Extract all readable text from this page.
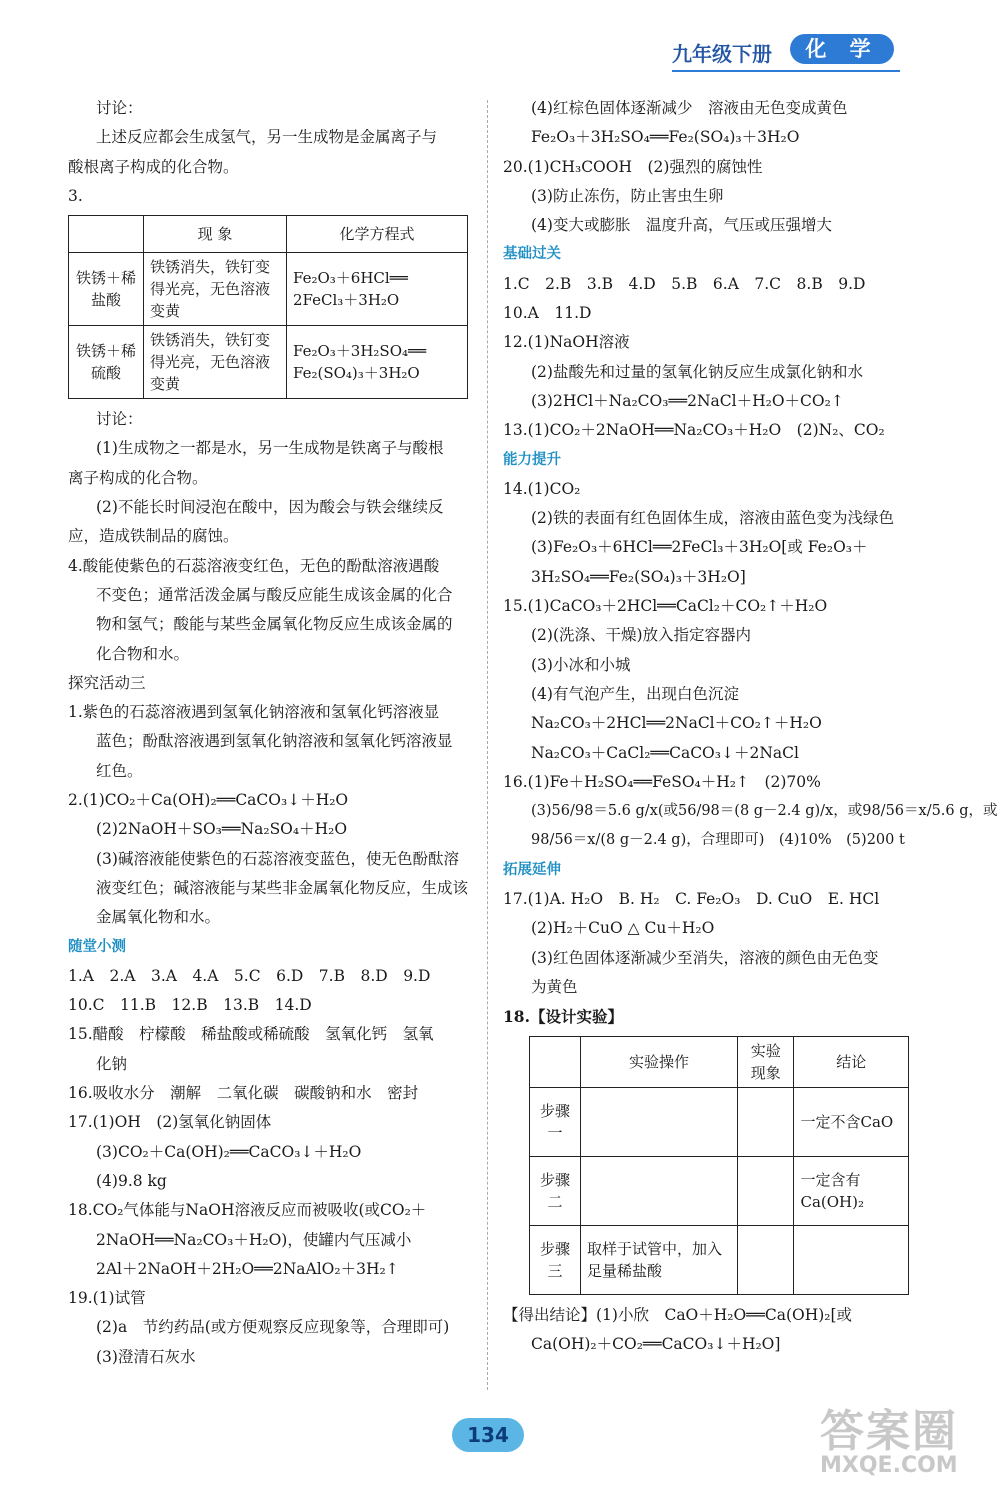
九年级下册	化 学
讨论：
上述反应都会生成氢气，另一生成物是金属离子与
酸根离子构成的化合物。
3.
	现 象	化学方程式
铁锈＋稀盐酸	铁锈消失，铁钉变得光亮，无色溶液变黄	Fe₂O₃＋6HCl══
2FeCl₃＋3H₂O

铁锈＋稀硫酸	铁锈消失，铁钉变得光亮，无色溶液变黄	Fe₂O₃＋3H₂SO₄══
Fe₂(SO₄)₃＋3H₂O
讨论：
(1)生成物之一都是水，另一生成物是铁离子与酸根
离子构成的化合物。
(2)不能长时间浸泡在酸中，因为酸会与铁会继续反
应，造成铁制品的腐蚀。
4.酸能使紫色的石蕊溶液变红色，无色的酚酞溶液遇酸
不变色；通常活泼金属与酸反应能生成该金属的化合
物和氢气；酸能与某些金属氧化物反应生成该金属的
化合物和水。
探究活动三
1.紫色的石蕊溶液遇到氢氧化钠溶液和氢氧化钙溶液显
蓝色；酚酞溶液遇到氢氧化钠溶液和氢氧化钙溶液显
红色。
2.(1)CO₂＋Ca(OH)₂══CaCO₃↓＋H₂O
(2)2NaOH＋SO₃══Na₂SO₄＋H₂O
(3)碱溶液能使紫色的石蕊溶液变蓝色，使无色酚酞溶
液变红色；碱溶液能与某些非金属氧化物反应，生成该
金属氧化物和水。
随堂小测
1.A　2.A　3.A　4.A　5.C　6.D　7.B　8.D　9.D
10.C　11.B　12.B　13.B　14.D
15.醋酸　柠檬酸　稀盐酸或稀硫酸　氢氧化钙　氢氧
化钠
16.吸收水分　潮解　二氧化碳　碳酸钠和水　密封
17.(1)OH　(2)氢氧化钠固体
(3)CO₂＋Ca(OH)₂══CaCO₃↓＋H₂O
(4)9.8 kg
18.CO₂气体能与NaOH溶液反应而被吸收(或CO₂＋
2NaOH══Na₂CO₃＋H₂O)，使罐内气压减小
2Al＋2NaOH＋2H₂O══2NaAlO₂＋3H₂↑
19.(1)试管
(2)a　节约药品(或方便观察反应现象等，合理即可)
(3)澄清石灰水
(4)红棕色固体逐渐减少　溶液由无色变成黄色
Fe₂O₃＋3H₂SO₄══Fe₂(SO₄)₃＋3H₂O
20.(1)CH₃COOH　(2)强烈的腐蚀性
(3)防止冻伤，防止害虫生卵
(4)变大或膨胀　温度升高，气压或压强增大
基础过关
1.C　2.B　3.B　4.D　5.B　6.A　7.C　8.B　9.D
10.A　11.D
12.(1)NaOH溶液
(2)盐酸先和过量的氢氧化钠反应生成氯化钠和水
(3)2HCl＋Na₂CO₃══2NaCl＋H₂O＋CO₂↑
13.(1)CO₂＋2NaOH══Na₂CO₃＋H₂O　(2)N₂、CO₂
能力提升
14.(1)CO₂
(2)铁的表面有红色固体生成，溶液由蓝色变为浅绿色
(3)Fe₂O₃＋6HCl══2FeCl₃＋3H₂O[或 Fe₂O₃＋
3H₂SO₄══Fe₂(SO₄)₃＋3H₂O]
15.(1)CaCO₃＋2HCl══CaCl₂＋CO₂↑＋H₂O
(2)(洗涤、干燥)放入指定容器内
(3)小冰和小城
(4)有气泡产生，出现白色沉淀
Na₂CO₃＋2HCl══2NaCl＋CO₂↑＋H₂O
Na₂CO₃＋CaCl₂══CaCO₃↓＋2NaCl
16.(1)Fe＋H₂SO₄══FeSO₄＋H₂↑　(2)70%
(3)56/98＝5.6 g/x(或56/98＝(8 g－2.4 g)/x，或98/56＝x/5.6 g，或
98/56＝x/(8 g－2.4 g)，合理即可)　(4)10%　(5)200 t
拓展延伸
17.(1)A. H₂O　B. H₂　C. Fe₂O₃　D. CuO　E. HCl
(2)H₂＋CuO △ Cu＋H₂O
(3)红色固体逐渐减少至消失，溶液的颜色由无色变
为黄色
18.【设计实验】
	实验操作	实验现象	结论
步骤一			一定不含CaO
步骤二			一定含有Ca(OH)₂
步骤三	取样于试管中，加入足量稀盐酸		
【得出结论】(1)小欣　CaO＋H₂O══Ca(OH)₂[或
Ca(OH)₂＋CO₂══CaCO₃↓＋H₂O]
134	答案圈
MXQE.COM
